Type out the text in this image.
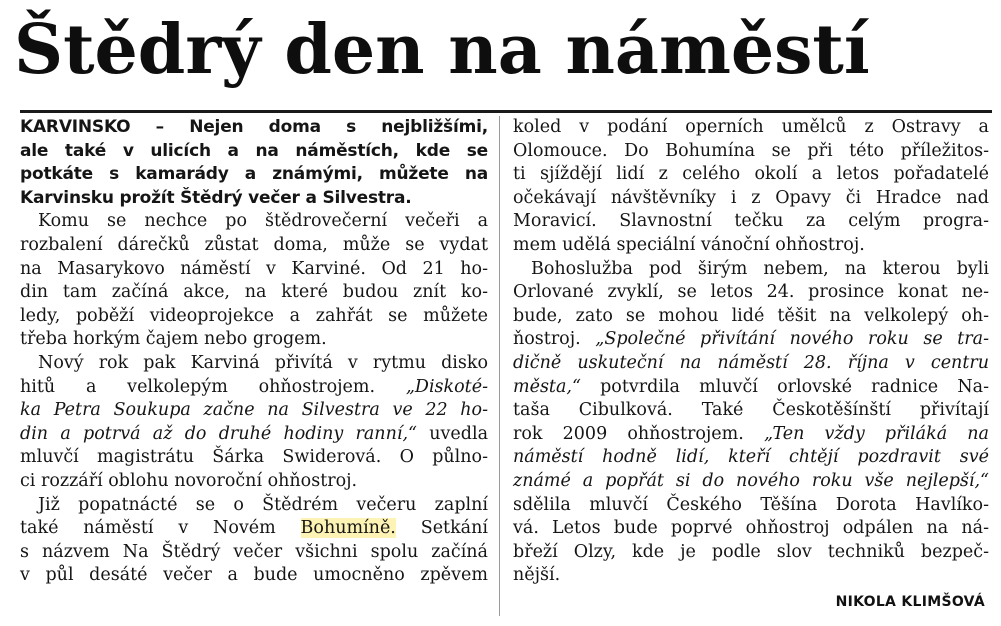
Štědrý den na náměstí

KARVINSKO – Nejen doma s nejbližšími,
ale také v ulicích a na náměstích, kde se
potkáte s kamarády a známými, můžete na
Karvinsku prožít Štědrý večer a Silvestra.

Komu se nechce po štědrovečerní večeři a
rozbalení dárečků zůstat doma, může se vydat
na Masarykovo náměstí v Karviné. Od 21 ho-
din tam začíná akce, na které budou znít ko-
ledy, poběží videoprojekce a zahřát se můžete
třeba horkým čajem nebo grogem.

Nový rok pak Karviná přivítá v rytmu disko
hitů a velkolepým ohňostrojem. „Diskoté-
ka Petra Soukupa začne na Silvestra ve 22 ho-
din a potrvá až do druhé hodiny ranní,“ uvedla
mluvčí magistrátu Šárka Swiderová. O půlno-
ci rozzáří oblohu novoroční ohňostroj.

Již popatnácté se o Štědrém večeru zaplní
také náměstí v Novém Bohumíně. Setkání
s názvem Na Štědrý večer všichni spolu začíná
v půl desáté večer a bude umocněno zpěvem

koled v podání operních umělců z Ostravy a
Olomouce. Do Bohumína se při této příležitos-
ti sjíždějí lidí z celého okolí a letos pořadatelé
očekávají návštěvníky i z Opavy či Hradce nad
Moravicí. Slavnostní tečku za celým progra-
mem udělá speciální vánoční ohňostroj.

Bohoslužba pod širým nebem, na kterou byli
Orlované zvyklí, se letos 24. prosince konat ne-
bude, zato se mohou lidé těšit na velkolepý oh-
ňostroj. „Společné přivítání nového roku se tra-
dičně uskuteční na náměstí 28. října v centru
města,“ potvrdila mluvčí orlovské radnice Na-
taša Cibulková. Také Českotěšínští přivítají
rok 2009 ohňostrojem. „Ten vždy přiláká na
náměstí hodně lidí, kteří chtějí pozdravit své
známé a popřát si do nového roku vše nejlepší,“
sdělila mluvčí Českého Těšína Dorota Havlíko-
vá. Letos bude poprvé ohňostroj odpálen na ná-
břeží Olzy, kde je podle slov techniků bezpeč-
nější.

NIKOLA KLIMŠOVÁ
